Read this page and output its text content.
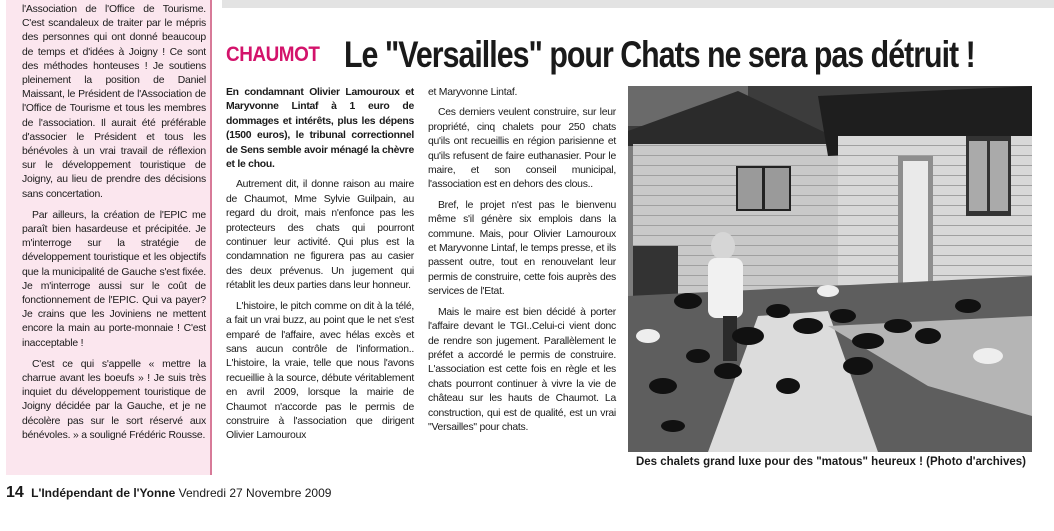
l'Association de l'Office de Tourisme. C'est scandaleux de traiter par le mépris des personnes qui ont donné beaucoup de temps et d'idées à Joigny ! Ce sont des méthodes honteuses ! Je soutiens pleinement la position de Daniel Maissant, le Président de l'Association de l'Office de Tourisme et tous les membres de l'association. Il aurait été préférable d'associer le Président et tous les bénévoles à un vrai travail de réflexion sur le développement touristique de Joigny, au lieu de prendre des décisions sans concertation.

Par ailleurs, la création de l'EPIC me paraît bien hasardeuse et précipitée. Je m'interroge sur la stratégie de développement touristique et les objectifs que la municipalité de Gauche s'est fixée. Je m'interroge aussi sur le coût de fonctionnement de l'EPIC. Qui va payer? Je crains que les Joviniens ne mettent encore la main au porte-monnaie ! C'est inacceptable !

C'est ce qui s'appelle « mettre la charrue avant les boeufs » ! Je suis très inquiet du développement touristique de Joigny décidée par la Gauche, et je ne décolère pas sur le sort réservé aux bénévoles. » a souligné Frédéric Rousse.

CHAUMOT Le "Versailles" pour Chats ne sera pas détruit !

En condamnant Olivier Lamouroux et Maryvonne Lintaf à 1 euro de dommages et intérêts, plus les dépens (1500 euros), le tribunal correctionnel de Sens semble avoir ménagé la chèvre et le chou.

Autrement dit, il donne raison au maire de Chaumot, Mme Sylvie Guilpain, au regard du droit, mais n'enfonce pas les protecteurs des chats qui pourront continuer leur activité. Qui plus est la condamnation ne figurera pas au casier des deux prévenus. Un jugement qui rétablit les deux parties dans leur honneur.

L'histoire, le pitch comme on dit à la télé, a fait un vrai buzz, au point que le net s'est emparé de l'affaire, avec hélas excès et sans aucun contrôle de l'information.. L'histoire, la vraie, telle que nous l'avons recueillie à la source, débute véritablement en avril 2009, lorsque la mairie de Chaumot n'accorde pas le permis de construire à l'association que dirigent Olivier Lamouroux

et Maryvonne Lintaf.

Ces derniers veulent construire, sur leur propriété, cinq chalets pour 250 chats qu'ils ont recueillis en région parisienne et qu'ils refusent de faire euthanasier. Pour le maire, et son conseil municipal, l'association est en dehors des clous..

Bref, le projet n'est pas le bienvenu même s'il génère six emplois dans la commune. Mais, pour Olivier Lamouroux et Maryvonne Lintaf, le temps presse, et ils passent outre, tout en renouvelant leur permis de construire, cette fois auprès des services de l'Etat.

Mais le maire est bien décidé à porter l'affaire devant le TGI..Celui-ci vient donc de rendre son jugement. Parallèlement le préfet a accordé le permis de construire. L'association est cette fois en règle et les chats pourront continuer à vivre la vie de château sur les hauts de Chaumot. La construction, qui est de qualité, est un vrai "Versailles" pour chats.

Des chalets grand luxe pour des "matous" heureux ! (Photo d'archives)
14 L'Indépendant de l'Yonne Vendredi 27 Novembre 2009
